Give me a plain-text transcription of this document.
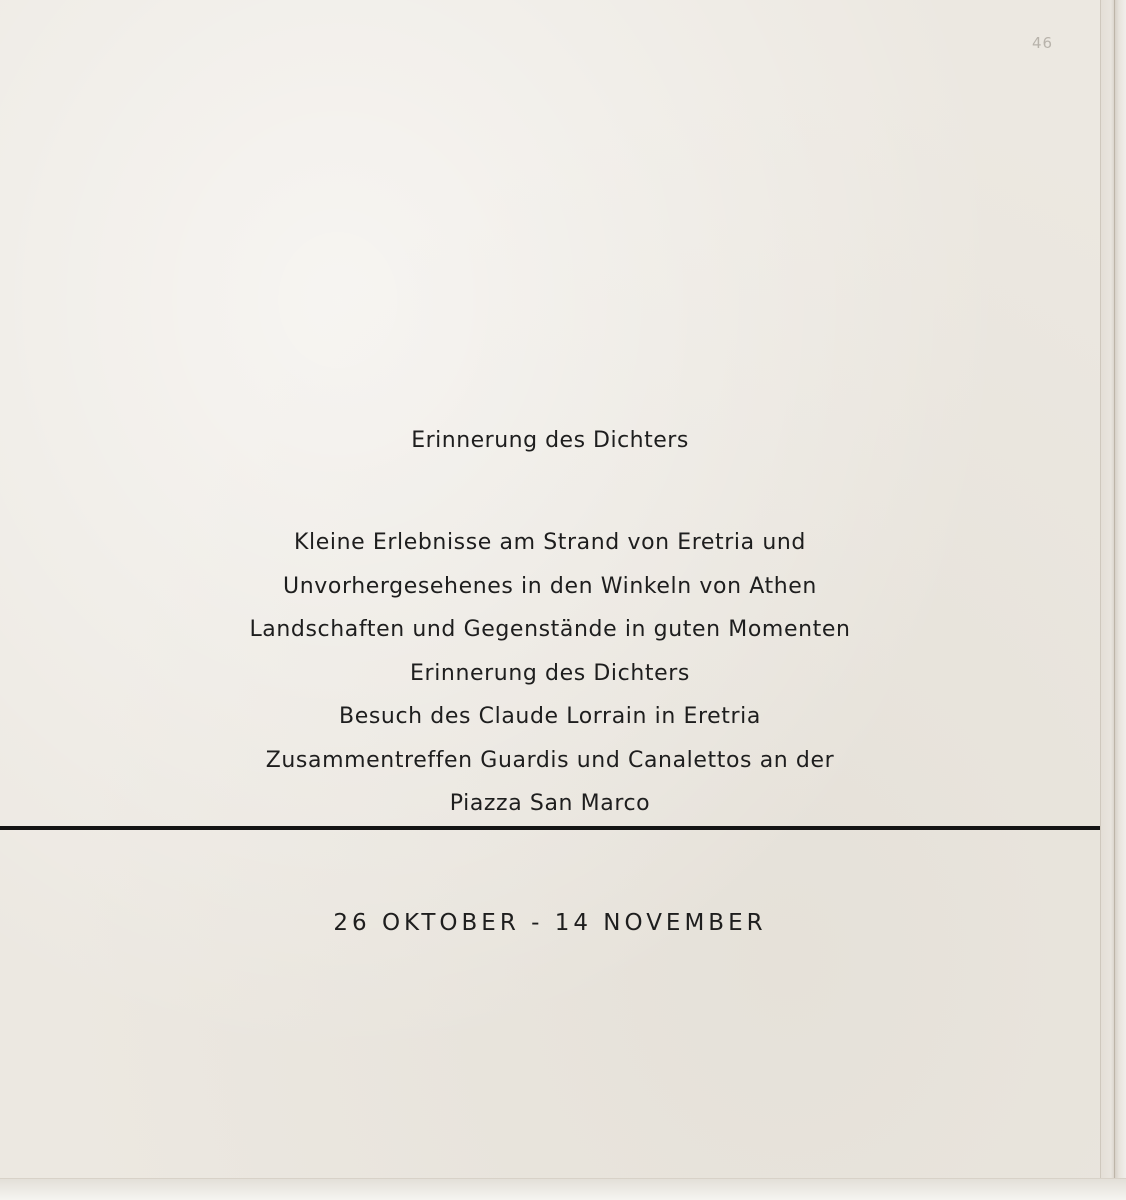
46
Erinnerung des Dichters
Kleine Erlebnisse am Strand von Eretria und
Unvorhergesehenes in den Winkeln von Athen
Landschaften und Gegenstände in guten Momenten
Erinnerung des Dichters
Besuch des Claude Lorrain in Eretria
Zusammentreffen Guardis und Canalettos an der
Piazza San Marco
26 OKTOBER - 14 NOVEMBER
